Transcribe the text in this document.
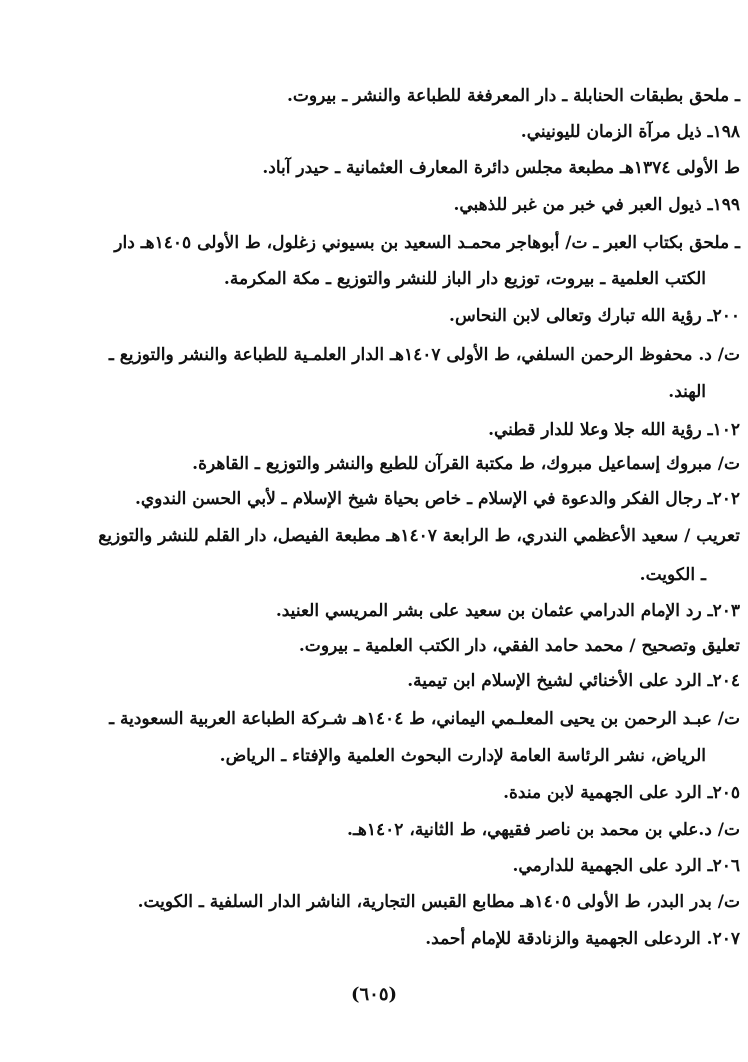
ـ ملحق بطبقات الحنابلة ـ دار المعرفغة للطباعة والنشر ـ بيروت.
١٩٨ـ ذيل مرآة الزمان لليونيني.
ط الأولى ١٣٧٤هـ مطبعة مجلس دائرة المعارف العثمانية ـ حيدر آباد.
١٩٩ـ ذيول العبر في خبر من غبر للذهبي.
ـ ملحق بكتاب العبر ـ ت/ أبوهاجر محمـد السعيد بن بسيوني زغلول، ط الأولى ١٤٠٥هـ دار
الكتب العلمية ـ بيروت، توزيع دار الباز للنشر والتوزيع ـ مكة المكرمة.
٢٠٠ـ رؤية الله تبارك وتعالى لابن النحاس.
ت/ د. محفوظ الرحمن السلفي، ط الأولى ١٤٠٧هـ الدار العلمـية للطباعة والنشر والتوزيع ـ
الهند.
١٠٢ـ رؤية الله جلا وعلا للدار قطني.
ت/ مبروك إسماعيل مبروك، ط مكتبة القرآن للطبع والنشر والتوزيع ـ القاهرة.
٢٠٢ـ رجال الفكر والدعوة في الإسلام ـ خاص بحياة شيخ الإسلام ـ لأبي الحسن الندوي.
تعريب / سعيد الأعظمي الندري، ط الرابعة ١٤٠٧هـ مطبعة الفيصل، دار القلم للنشر والتوزيع
ـ الكويت.
٢٠٣ـ رد الإمام الدرامي عثمان بن سعيد على بشر المريسي العنيد.
تعليق وتصحيح / محمد حامد الفقي، دار الكتب العلمية ـ بيروت.
٢٠٤ـ الرد على الأخنائي لشيخ الإسلام ابن تيمية.
ت/ عبـد الرحمن بن يحيى المعلـمي اليماني، ط ١٤٠٤هـ شـركة الطباعة العربية السعودية ـ
الرياض، نشر الرئاسة العامة لإدارت البحوث العلمية والإفتاء ـ الرياض.
٢٠٥ـ الرد على الجهمية لابن مندة.
ت/ د.علي بن محمد بن ناصر فقيهي، ط الثانية، ١٤٠٢هـ.
٢٠٦ـ الرد على الجهمية للدارمي.
ت/ بدر البدر، ط الأولى ١٤٠٥هـ مطابع القبس التجارية، الناشر الدار السلفية ـ الكويت.
٢٠٧. الردعلى الجهمية والزنادقة للإمام أحمد.
(٦٠٥)
